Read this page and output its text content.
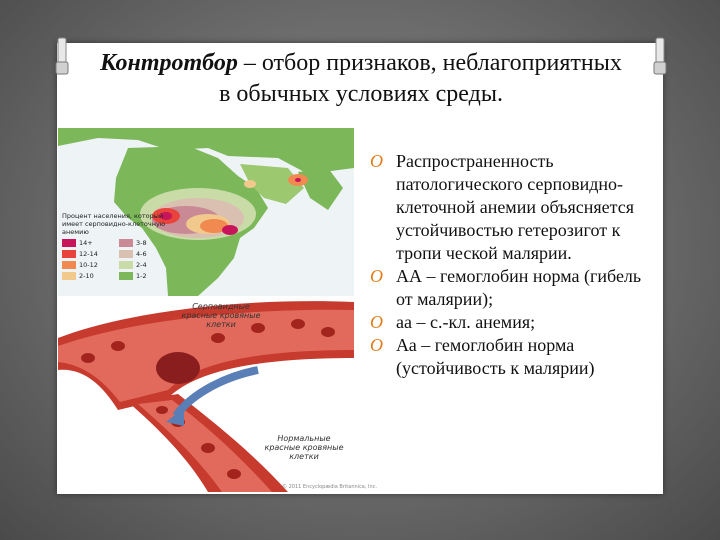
Контротбор – отбор признаков, неблагоприятных в обычных условиях среды.
Процент населения, который имеет серповидно-клеточную анемию
14+	3-8
12-14	4-6
10-12	2-4
2-10	1-2
Серповидные красные кровяные клетки
Нормальные красные кровяные клетки
© 2011 Encyclopædia Britannica, Inc.
O Распространенность патологического серповидно-клеточной анемии объясняется устойчивостью гетерозигот к тропи ческой малярии.
O АА – гемоглобин норма (гибель от малярии);
O аа – с.-кл. анемия;
O Аа – гемоглобин норма (устойчивость к малярии)
